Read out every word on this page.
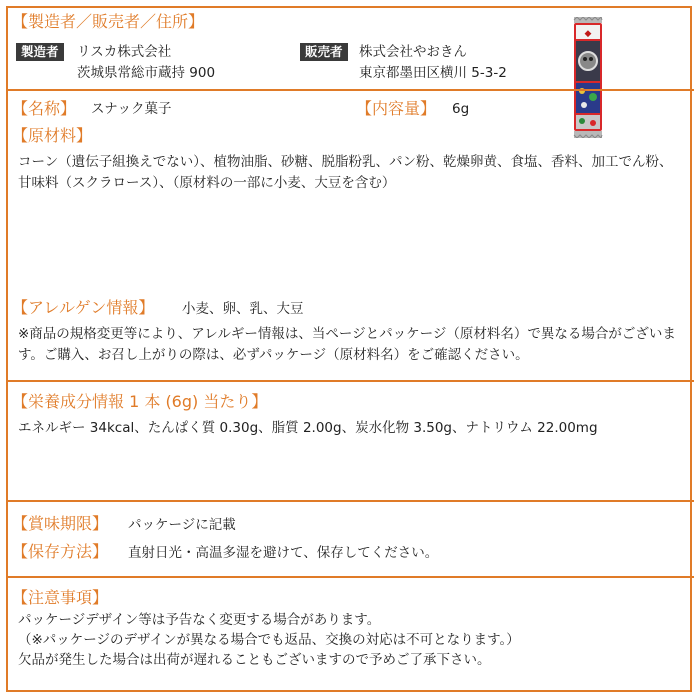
【製造者／販売者／住所】
製造者	リスカ株式会社
茨城県常総市蔵持 900
販売者	株式会社やおきん
東京都墨田区横川 5-3-2
◆
【名称】 スナック菓子	【内容量】 6g
【原材料】
コーン（遺伝子組換えでない）、植物油脂、砂糖、脱脂粉乳、パン粉、乾燥卵黄、食塩、香料、加工でん粉、甘味料（スクラロース）、（原材料の一部に小麦、大豆を含む）
【アレルゲン情報】 小麦、卵、乳、大豆
※商品の規格変更等により、アレルギー情報は、当ページとパッケージ（原材料名）で異なる場合がございます。ご購入、お召し上がりの際は、必ずパッケージ（原材料名）をご確認ください。
【栄養成分情報 1 本 (6g) 当たり】
エネルギー 34kcal、たんぱく質 0.30g、脂質 2.00g、炭水化物 3.50g、ナトリウム 22.00mg
【賞味期限】 パッケージに記載
【保存方法】 直射日光・高温多湿を避けて、保存してください。
【注意事項】
パッケージデザイン等は予告なく変更する場合があります。
（※パッケージのデザインが異なる場合でも返品、交換の対応は不可となります。）
欠品が発生した場合は出荷が遅れることもございますので予めご了承下さい。
